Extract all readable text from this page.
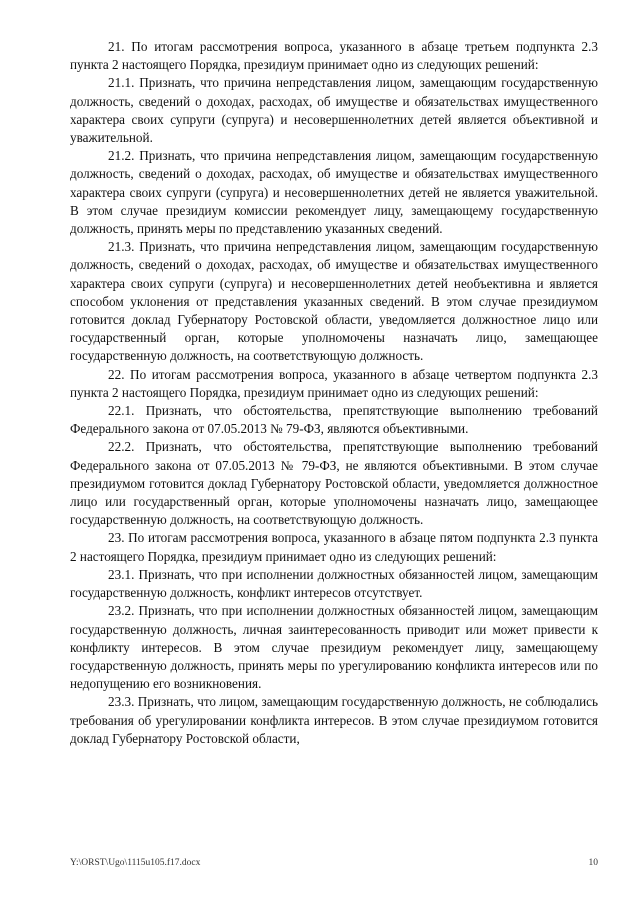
21. По итогам рассмотрения вопроса, указанного в абзаце третьем подпункта 2.3 пункта 2 настоящего Порядка, президиум принимает одно из следующих решений:

21.1. Признать, что причина непредставления лицом, замещающим государственную должность, сведений о доходах, расходах, об имуществе и обязательствах имущественного характера своих супруги (супруга) и несовершеннолетних детей является объективной и уважительной.

21.2. Признать, что причина непредставления лицом, замещающим государственную должность, сведений о доходах, расходах, об имуществе и обязательствах имущественного характера своих супруги (супруга) и несовершеннолетних детей не является уважительной. В этом случае президиум комиссии рекомендует лицу, замещающему государственную должность, принять меры по представлению указанных сведений.

21.3. Признать, что причина непредставления лицом, замещающим государственную должность, сведений о доходах, расходах, об имуществе и обязательствах имущественного характера своих супруги (супруга) и несовершеннолетних детей необъективна и является способом уклонения от представления указанных сведений. В этом случае президиумом готовится доклад Губернатору Ростовской области, уведомляется должностное лицо или государственный орган, которые уполномочены назначать лицо, замещающее государственную должность, на соответствующую должность.

22. По итогам рассмотрения вопроса, указанного в абзаце четвертом подпункта 2.3 пункта 2 настоящего Порядка, президиум принимает одно из следующих решений:

22.1. Признать, что обстоятельства, препятствующие выполнению требований Федерального закона от 07.05.2013 № 79-ФЗ, являются объективными.

22.2. Признать, что обстоятельства, препятствующие выполнению требований Федерального закона от 07.05.2013 № 79-ФЗ, не являются объективными. В этом случае президиумом готовится доклад Губернатору Ростовской области, уведомляется должностное лицо или государственный орган, которые уполномочены назначать лицо, замещающее государственную должность, на соответствующую должность.

23. По итогам рассмотрения вопроса, указанного в абзаце пятом подпункта 2.3 пункта 2 настоящего Порядка, президиум принимает одно из следующих решений:

23.1. Признать, что при исполнении должностных обязанностей лицом, замещающим государственную должность, конфликт интересов отсутствует.

23.2. Признать, что при исполнении должностных обязанностей лицом, замещающим государственную должность, личная заинтересованность приводит или может привести к конфликту интересов. В этом случае президиум рекомендует лицу, замещающему государственную должность, принять меры по урегулированию конфликта интересов или по недопущению его возникновения.

23.3. Признать, что лицом, замещающим государственную должность, не соблюдались требования об урегулировании конфликта интересов. В этом случае президиумом готовится доклад Губернатору Ростовской области,

Y:\ORST\Ugo\1115u105.f17.docx	10
